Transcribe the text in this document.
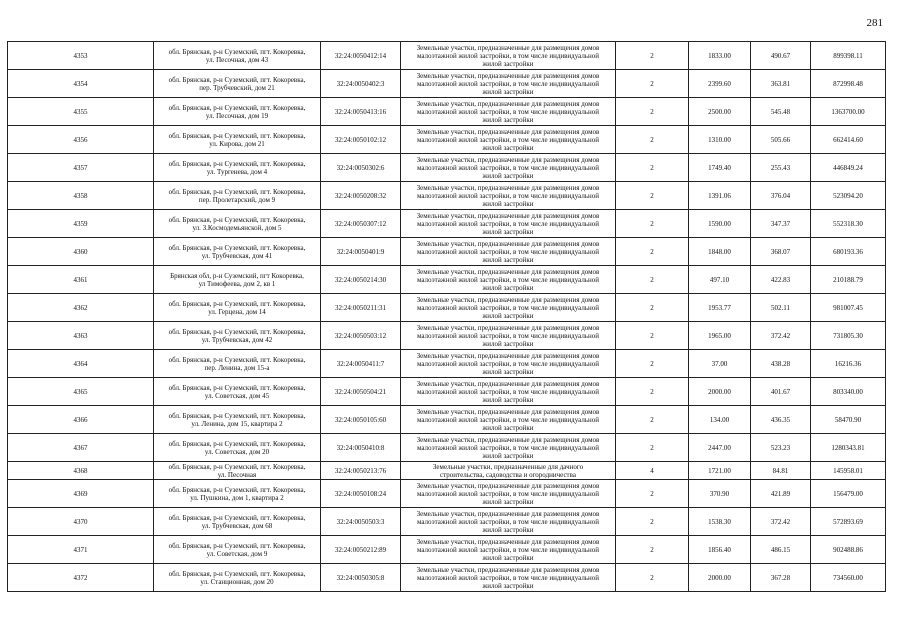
281
4353	обл. Брянская, р-н Суземский, пгт. Кокоревка,
ул. Песочная, дом 43	32:24:0050412:14	Земельные участки, предназначенные для размещения домов
малоэтажной жилой застройки, в том числе индивидуальной
жилой застройки	2	1833.00	490.67	899398.11
4354	обл. Брянская, р-н Суземский, пгт. Кокоревка,
пер. Трубчевский, дом 21	32:24:0050402:3	Земельные участки, предназначенные для размещения домов
малоэтажной жилой застройки, в том числе индивидуальной
жилой застройки	2	2399.60	363.81	872998.48
4355	обл. Брянская, р-н Суземский, пгт. Кокоревка,
ул. Песочная, дом 19	32:24:0050413:16	Земельные участки, предназначенные для размещения домов
малоэтажной жилой застройки, в том числе индивидуальной
жилой застройки	2	2500.00	545.48	1363700.00
4356	обл. Брянская, р-н Суземский, пгт. Кокоревка,
ул. Кирова, дом 21	32:24:0050102:12	Земельные участки, предназначенные для размещения домов
малоэтажной жилой застройки, в том числе индивидуальной
жилой застройки	2	1310.00	505.66	662414.60
4357	обл. Брянская, р-н Суземский, пгт. Кокоревка,
ул. Тургенева, дом 4	32:24:0050302:6	Земельные участки, предназначенные для размещения домов
малоэтажной жилой застройки, в том числе индивидуальной
жилой застройки	2	1749.40	255.43	446849.24
4358	обл. Брянская, р-н Суземский, пгт. Кокоревка,
пер. Пролетарский, дом 9	32:24:0050208:32	Земельные участки, предназначенные для размещения домов
малоэтажной жилой застройки, в том числе индивидуальной
жилой застройки	2	1391.06	376.04	523094.20
4359	обл. Брянская, р-н Суземский, пгт. Кокоревка,
ул. З.Космодемьянской, дом 5	32:24:0050307:12	Земельные участки, предназначенные для размещения домов
малоэтажной жилой застройки, в том числе индивидуальной
жилой застройки	2	1590.00	347.37	552318.30
4360	обл. Брянская, р-н Суземский, пгт. Кокоревка,
ул. Трубчевская, дом 41	32:24:0050401:9	Земельные участки, предназначенные для размещения домов
малоэтажной жилой застройки, в том числе индивидуальной
жилой застройки	2	1848.00	368.07	680193.36
4361	Брянская обл, р-н Суземский, пгт Кокоревка,
ул Тимофеева, дом 2, кв 1	32:24:0050214:30	Земельные участки, предназначенные для размещения домов
малоэтажной жилой застройки, в том числе индивидуальной
жилой застройки	2	497.10	422.83	210188.79
4362	обл. Брянская, р-н Суземский, пгт. Кокоревка,
ул. Герцена, дом 14	32:24:0050211:31	Земельные участки, предназначенные для размещения домов
малоэтажной жилой застройки, в том числе индивидуальной
жилой застройки	2	1953.77	502.11	981007.45
4363	обл. Брянская, р-н Суземский, пгт. Кокоревка,
ул. Трубчевская, дом 42	32:24:0050503:12	Земельные участки, предназначенные для размещения домов
малоэтажной жилой застройки, в том числе индивидуальной
жилой застройки	2	1965.00	372.42	731805.30
4364	обл. Брянская, р-н Суземский, пгт. Кокоревка,
пер. Ленина, дом 15-а	32:24:0050411:7	Земельные участки, предназначенные для размещения домов
малоэтажной жилой застройки, в том числе индивидуальной
жилой застройки	2	37.00	438.28	16216.36
4365	обл. Брянская, р-н Суземский, пгт. Кокоревка,
ул. Советская, дом 45	32:24:0050504:21	Земельные участки, предназначенные для размещения домов
малоэтажной жилой застройки, в том числе индивидуальной
жилой застройки	2	2000.00	401.67	803340.00
4366	обл. Брянская, р-н Суземский, пгт. Кокоревка,
ул. Ленина, дом 15, квартира 2	32:24:0050105:60	Земельные участки, предназначенные для размещения домов
малоэтажной жилой застройки, в том числе индивидуальной
жилой застройки	2	134.00	436.35	58470.90
4367	обл. Брянская, р-н Суземский, пгт. Кокоревка,
ул. Советская, дом 20	32:24:0050410:8	Земельные участки, предназначенные для размещения домов
малоэтажной жилой застройки, в том числе индивидуальной
жилой застройки	2	2447.00	523.23	1280343.81
4368	обл. Брянская, р-н Суземский, пгт. Кокоревка,
ул. Песочная	32:24:0050213:76	Земельные участки, предназначенные для дачного
строительства, садоводства и огородничества	4	1721.00	84.81	145958.01
4369	обл. Брянская, р-н Суземский, пгт. Кокоревка,
ул. Пушкина, дом 1, квартира 2	32:24:0050108:24	Земельные участки, предназначенные для размещения домов
малоэтажной жилой застройки, в том числе индивидуальной
жилой застройки	2	370.90	421.89	156479.00
4370	обл. Брянская, р-н Суземский, пгт. Кокоревка,
ул. Трубчевская, дом 68	32:24:0050503:3	Земельные участки, предназначенные для размещения домов
малоэтажной жилой застройки, в том числе индивидуальной
жилой застройки	2	1538.30	372.42	572893.69
4371	обл. Брянская, р-н Суземский, пгт. Кокоревка,
ул. Советская, дом 9	32:24:0050212:89	Земельные участки, предназначенные для размещения домов
малоэтажной жилой застройки, в том числе индивидуальной
жилой застройки	2	1856.40	486.15	902488.86
4372	обл. Брянская, р-н Суземский, пгт. Кокоревка,
ул. Станционная, дом 20	32:24:0050305:8	Земельные участки, предназначенные для размещения домов
малоэтажной жилой застройки, в том числе индивидуальной
жилой застройки	2	2000.00	367.28	734560.00
